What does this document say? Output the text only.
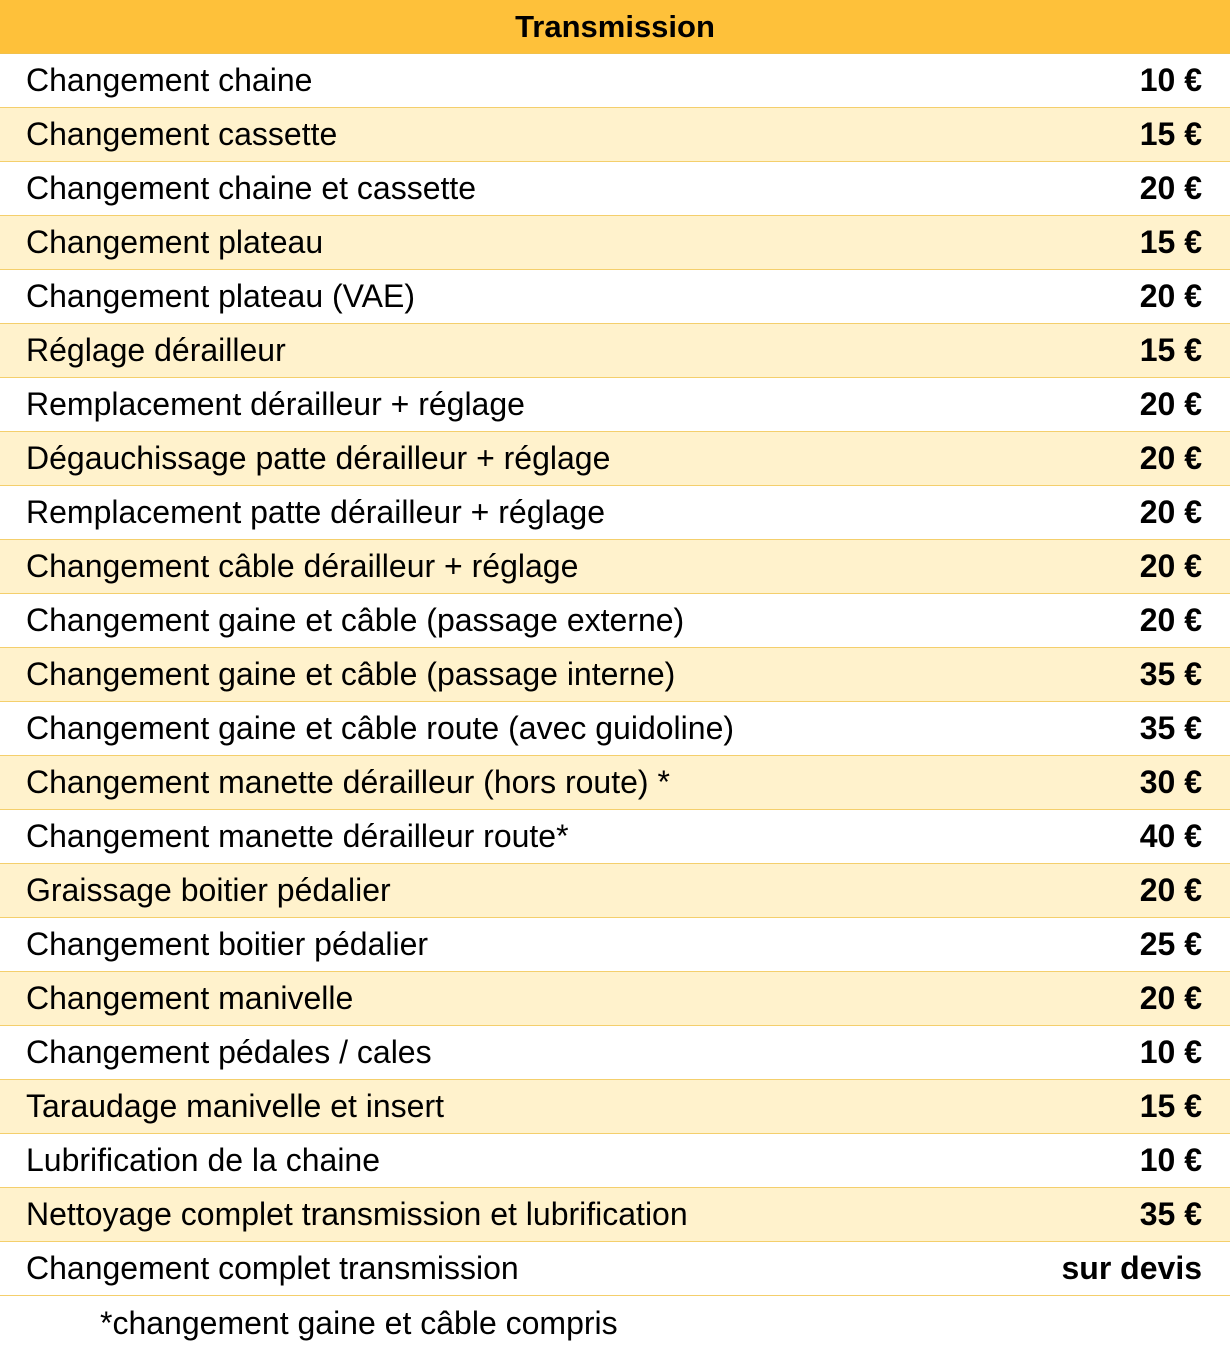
Transmission
Changement chaine	10 €
Changement cassette	15 €
Changement chaine et cassette	20 €
Changement plateau	15 €
Changement plateau (VAE)	20 €
Réglage dérailleur	15 €
Remplacement dérailleur + réglage	20 €
Dégauchissage patte dérailleur + réglage	20 €
Remplacement patte dérailleur + réglage	20 €
Changement câble dérailleur + réglage	20 €
Changement gaine et câble (passage externe)	20 €
Changement gaine et câble (passage interne)	35 €
Changement gaine et câble route (avec guidoline)	35 €
Changement manette dérailleur (hors route) *	30 €
Changement manette dérailleur route*	40 €
Graissage boitier pédalier	20 €
Changement boitier pédalier	25 €
Changement manivelle	20 €
Changement pédales / cales	10 €
Taraudage manivelle et insert	15 €
Lubrification de la chaine	10 €
Nettoyage complet transmission et lubrification	35 €
Changement complet transmission	sur devis
*changement gaine et câble compris
